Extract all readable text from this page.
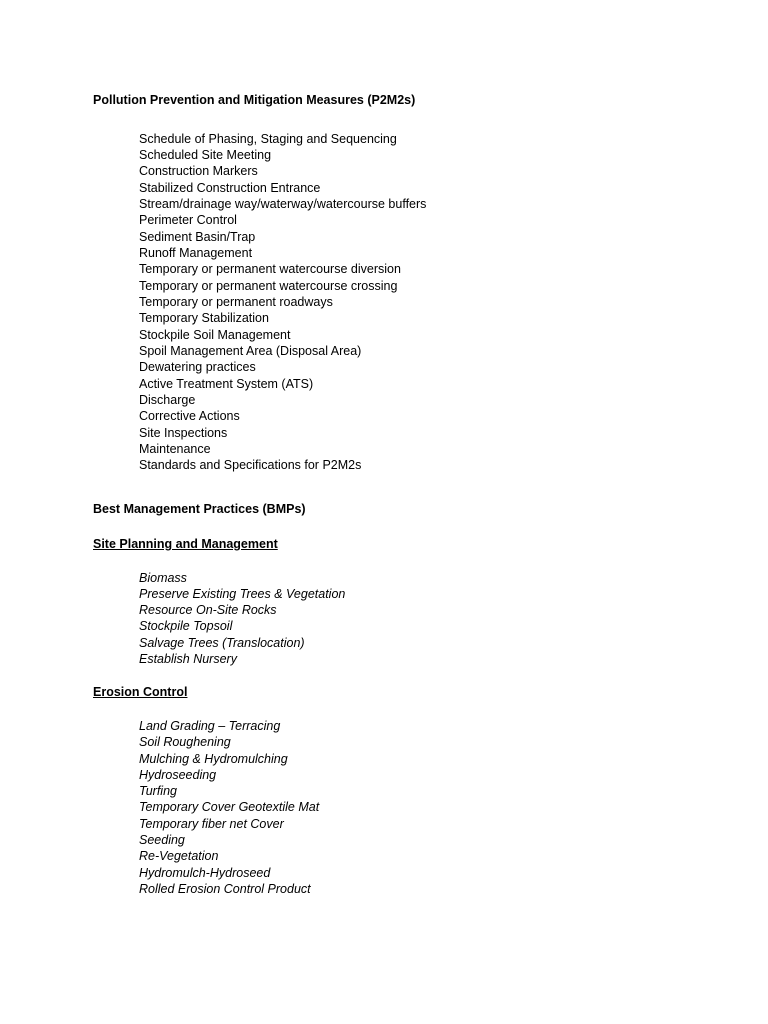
Pollution Prevention and Mitigation Measures (P2M2s)
Schedule of Phasing, Staging and Sequencing
Scheduled Site Meeting
Construction Markers
Stabilized Construction Entrance
Stream/drainage way/waterway/watercourse buffers
Perimeter Control
Sediment Basin/Trap
Runoff Management
Temporary or permanent watercourse diversion
Temporary or permanent watercourse crossing
Temporary or permanent roadways
Temporary Stabilization
Stockpile Soil Management
Spoil Management Area (Disposal Area)
Dewatering practices
Active Treatment System (ATS)
Discharge
Corrective Actions
Site Inspections
Maintenance
Standards and Specifications for P2M2s
Best Management Practices (BMPs)
Site Planning and Management
Biomass
Preserve Existing Trees & Vegetation
Resource On-Site Rocks
Stockpile Topsoil
Salvage Trees (Translocation)
Establish Nursery
Erosion Control
Land Grading – Terracing
Soil Roughening
Mulching & Hydromulching
Hydroseeding
Turfing
Temporary Cover Geotextile Mat
Temporary fiber net Cover
Seeding
Re-Vegetation
Hydromulch-Hydroseed
Rolled Erosion Control Product
